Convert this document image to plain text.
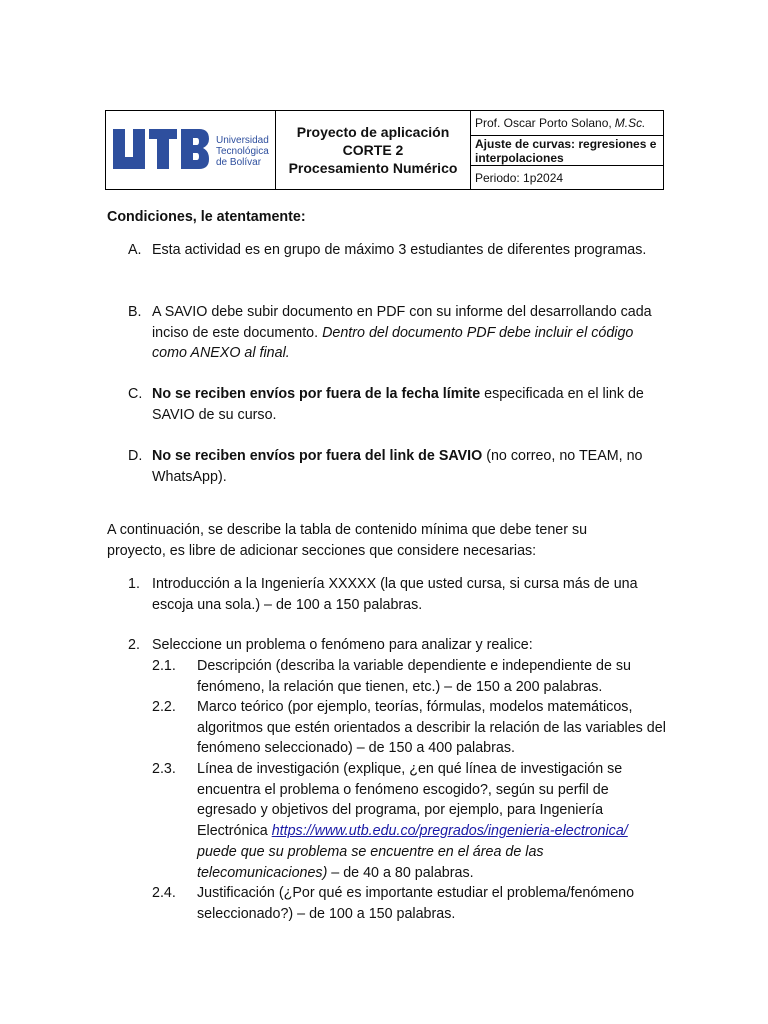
Universidad
Tecnológica
de Bolívar
Proyecto de aplicación
CORTE 2
Procesamiento Numérico
Prof. Oscar Porto Solano, M.Sc.
Ajuste de curvas: regresiones e interpolaciones
Periodo: 1p2024
Condiciones, le atentamente:
A. Esta actividad es en grupo de máximo 3 estudiantes de diferentes programas.
B. A SAVIO debe subir documento en PDF con su informe del desarrollando cada inciso de este documento. Dentro del documento PDF debe incluir el código como ANEXO al final.
C. No se reciben envíos por fuera de la fecha límite especificada en el link de SAVIO de su curso.
D. No se reciben envíos por fuera del link de SAVIO (no correo, no TEAM, no WhatsApp).
A continuación, se describe la tabla de contenido mínima que debe tener su proyecto, es libre de adicionar secciones que considere necesarias:
1. Introducción a la Ingeniería XXXXX (la que usted cursa, si cursa más de una escoja una sola.) – de 100 a 150 palabras.
2. Seleccione un problema o fenómeno para analizar y realice:
2.1. Descripción (describa la variable dependiente e independiente de su fenómeno, la relación que tienen, etc.) – de 150 a 200 palabras.
2.2. Marco teórico (por ejemplo, teorías, fórmulas, modelos matemáticos, algoritmos que estén orientados a describir la relación de las variables del fenómeno seleccionado) – de 150 a 400 palabras.
2.3. Línea de investigación (explique, ¿en qué línea de investigación se encuentra el problema o fenómeno escogido?, según su perfil de egresado y objetivos del programa, por ejemplo, para Ingeniería Electrónica https://www.utb.edu.co/pregrados/ingenieria-electronica/ puede que su problema se encuentre en el área de las telecomunicaciones) – de 40 a 80 palabras.
2.4. Justificación (¿Por qué es importante estudiar el problema/fenómeno seleccionado?) – de 100 a 150 palabras.
